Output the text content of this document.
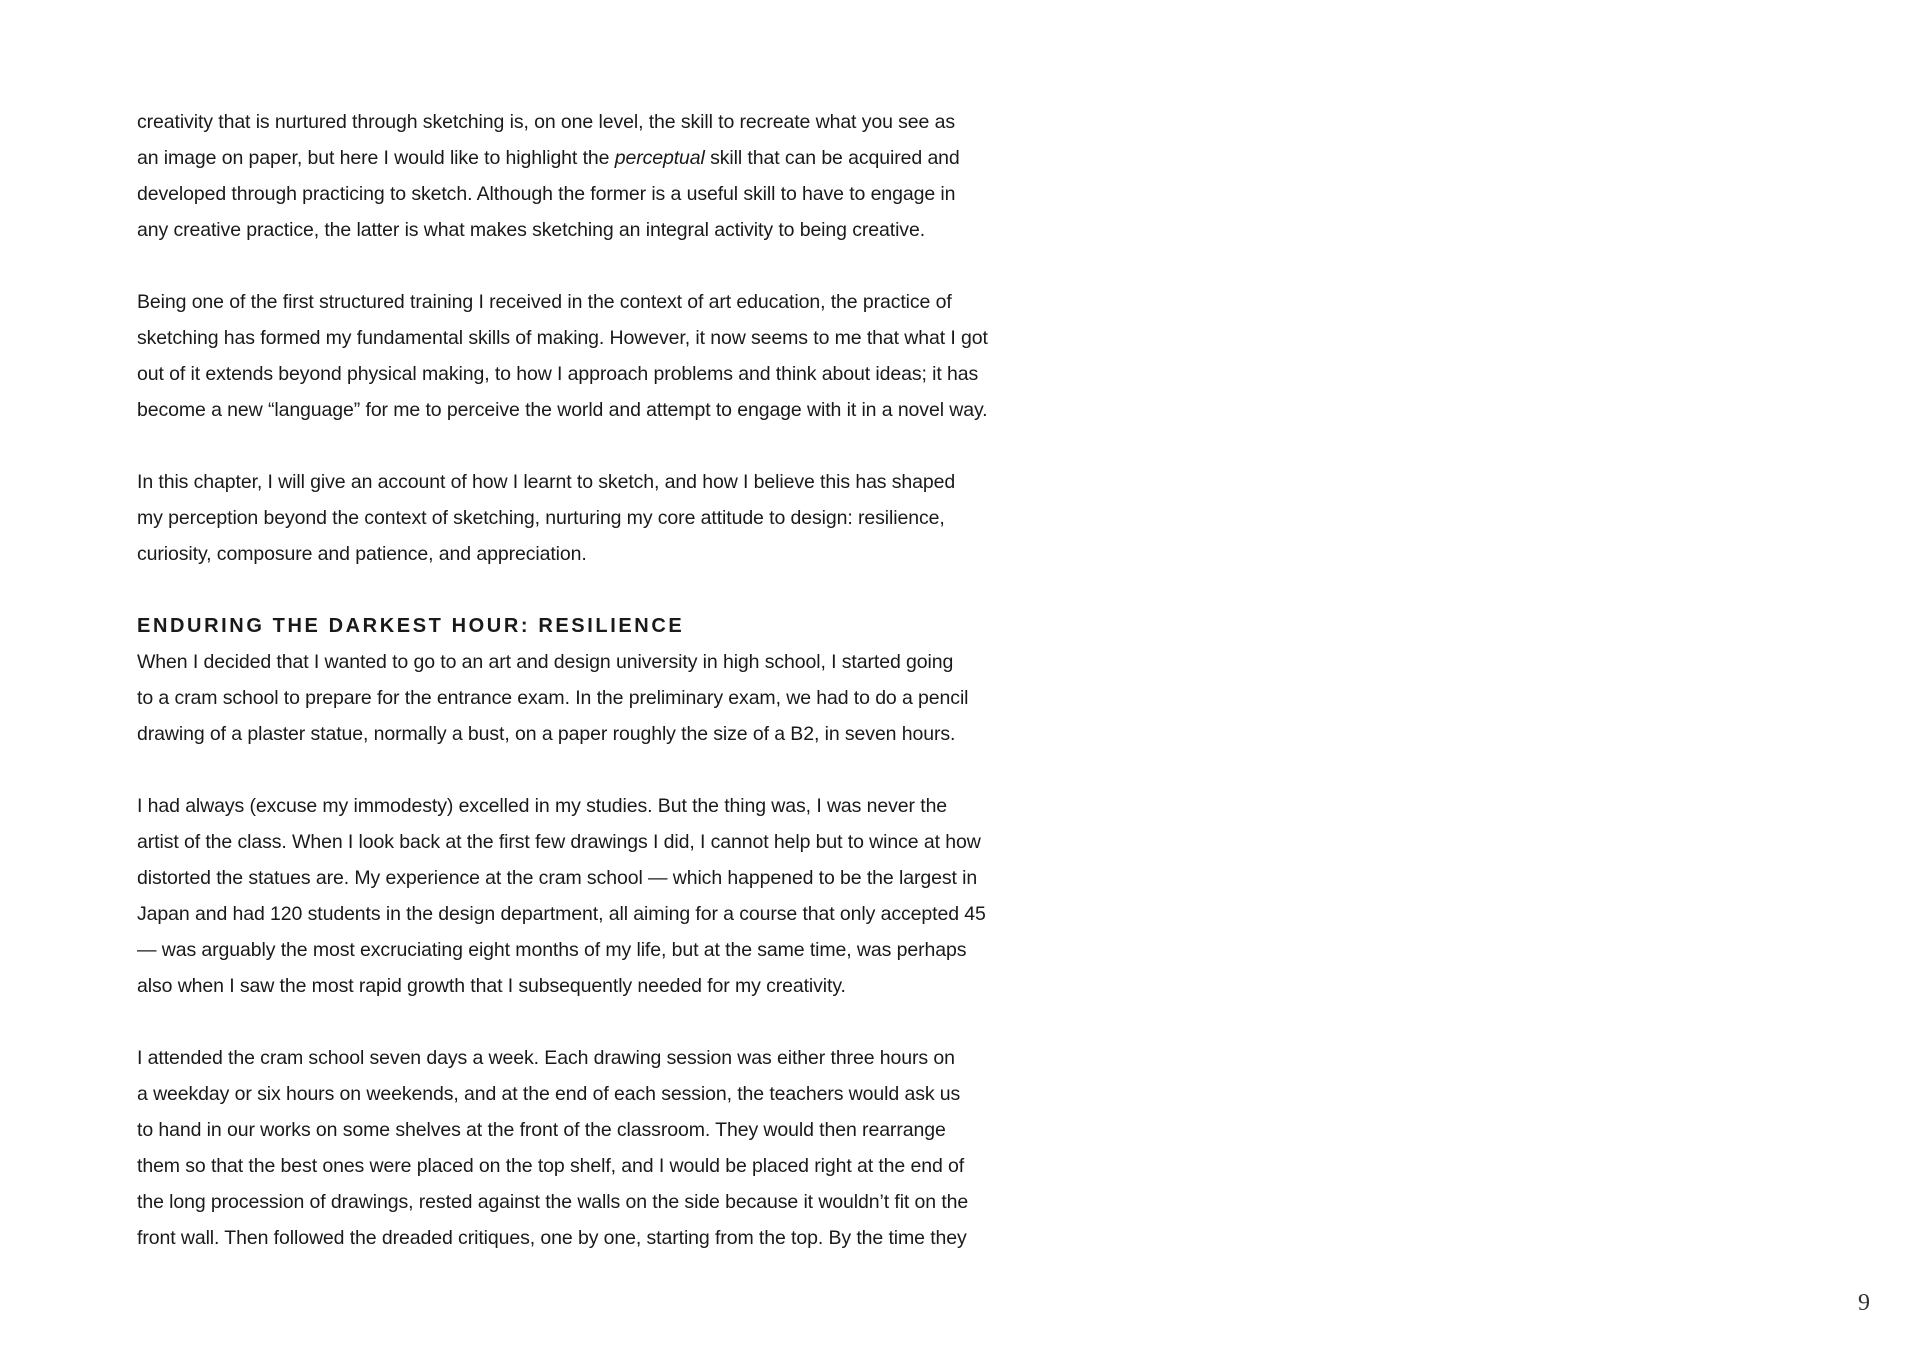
creativity that is nurtured through sketching is, on one level, the skill to recreate what you see as
an image on paper, but here I would like to highlight the perceptual skill that can be acquired and
developed through practicing to sketch. Although the former is a useful skill to have to engage in
any creative practice, the latter is what makes sketching an integral activity to being creative.

Being one of the first structured training I received in the context of art education, the practice of
sketching has formed my fundamental skills of making. However, it now seems to me that what I got
out of it extends beyond physical making, to how I approach problems and think about ideas; it has
become a new “language” for me to perceive the world and attempt to engage with it in a novel way.

In this chapter, I will give an account of how I learnt to sketch, and how I believe this has shaped
my perception beyond the context of sketching, nurturing my core attitude to design: resilience,
curiosity, composure and patience, and appreciation.

ENDURING THE DARKEST HOUR: RESILIENCE

When I decided that I wanted to go to an art and design university in high school, I started going
to a cram school to prepare for the entrance exam. In the preliminary exam, we had to do a pencil
drawing of a plaster statue, normally a bust, on a paper roughly the size of a B2, in seven hours.

I had always (excuse my immodesty) excelled in my studies. But the thing was, I was never the
artist of the class. When I look back at the first few drawings I did, I cannot help but to wince at how
distorted the statues are. My experience at the cram school — which happened to be the largest in
Japan and had 120 students in the design department, all aiming for a course that only accepted 45
— was arguably the most excruciating eight months of my life, but at the same time, was perhaps
also when I saw the most rapid growth that I subsequently needed for my creativity.

I attended the cram school seven days a week. Each drawing session was either three hours on
a weekday or six hours on weekends, and at the end of each session, the teachers would ask us
to hand in our works on some shelves at the front of the classroom. They would then rearrange
them so that the best ones were placed on the top shelf, and I would be placed right at the end of
the long procession of drawings, rested against the walls on the side because it wouldn’t fit on the
front wall. Then followed the dreaded critiques, one by one, starting from the top. By the time they

9
